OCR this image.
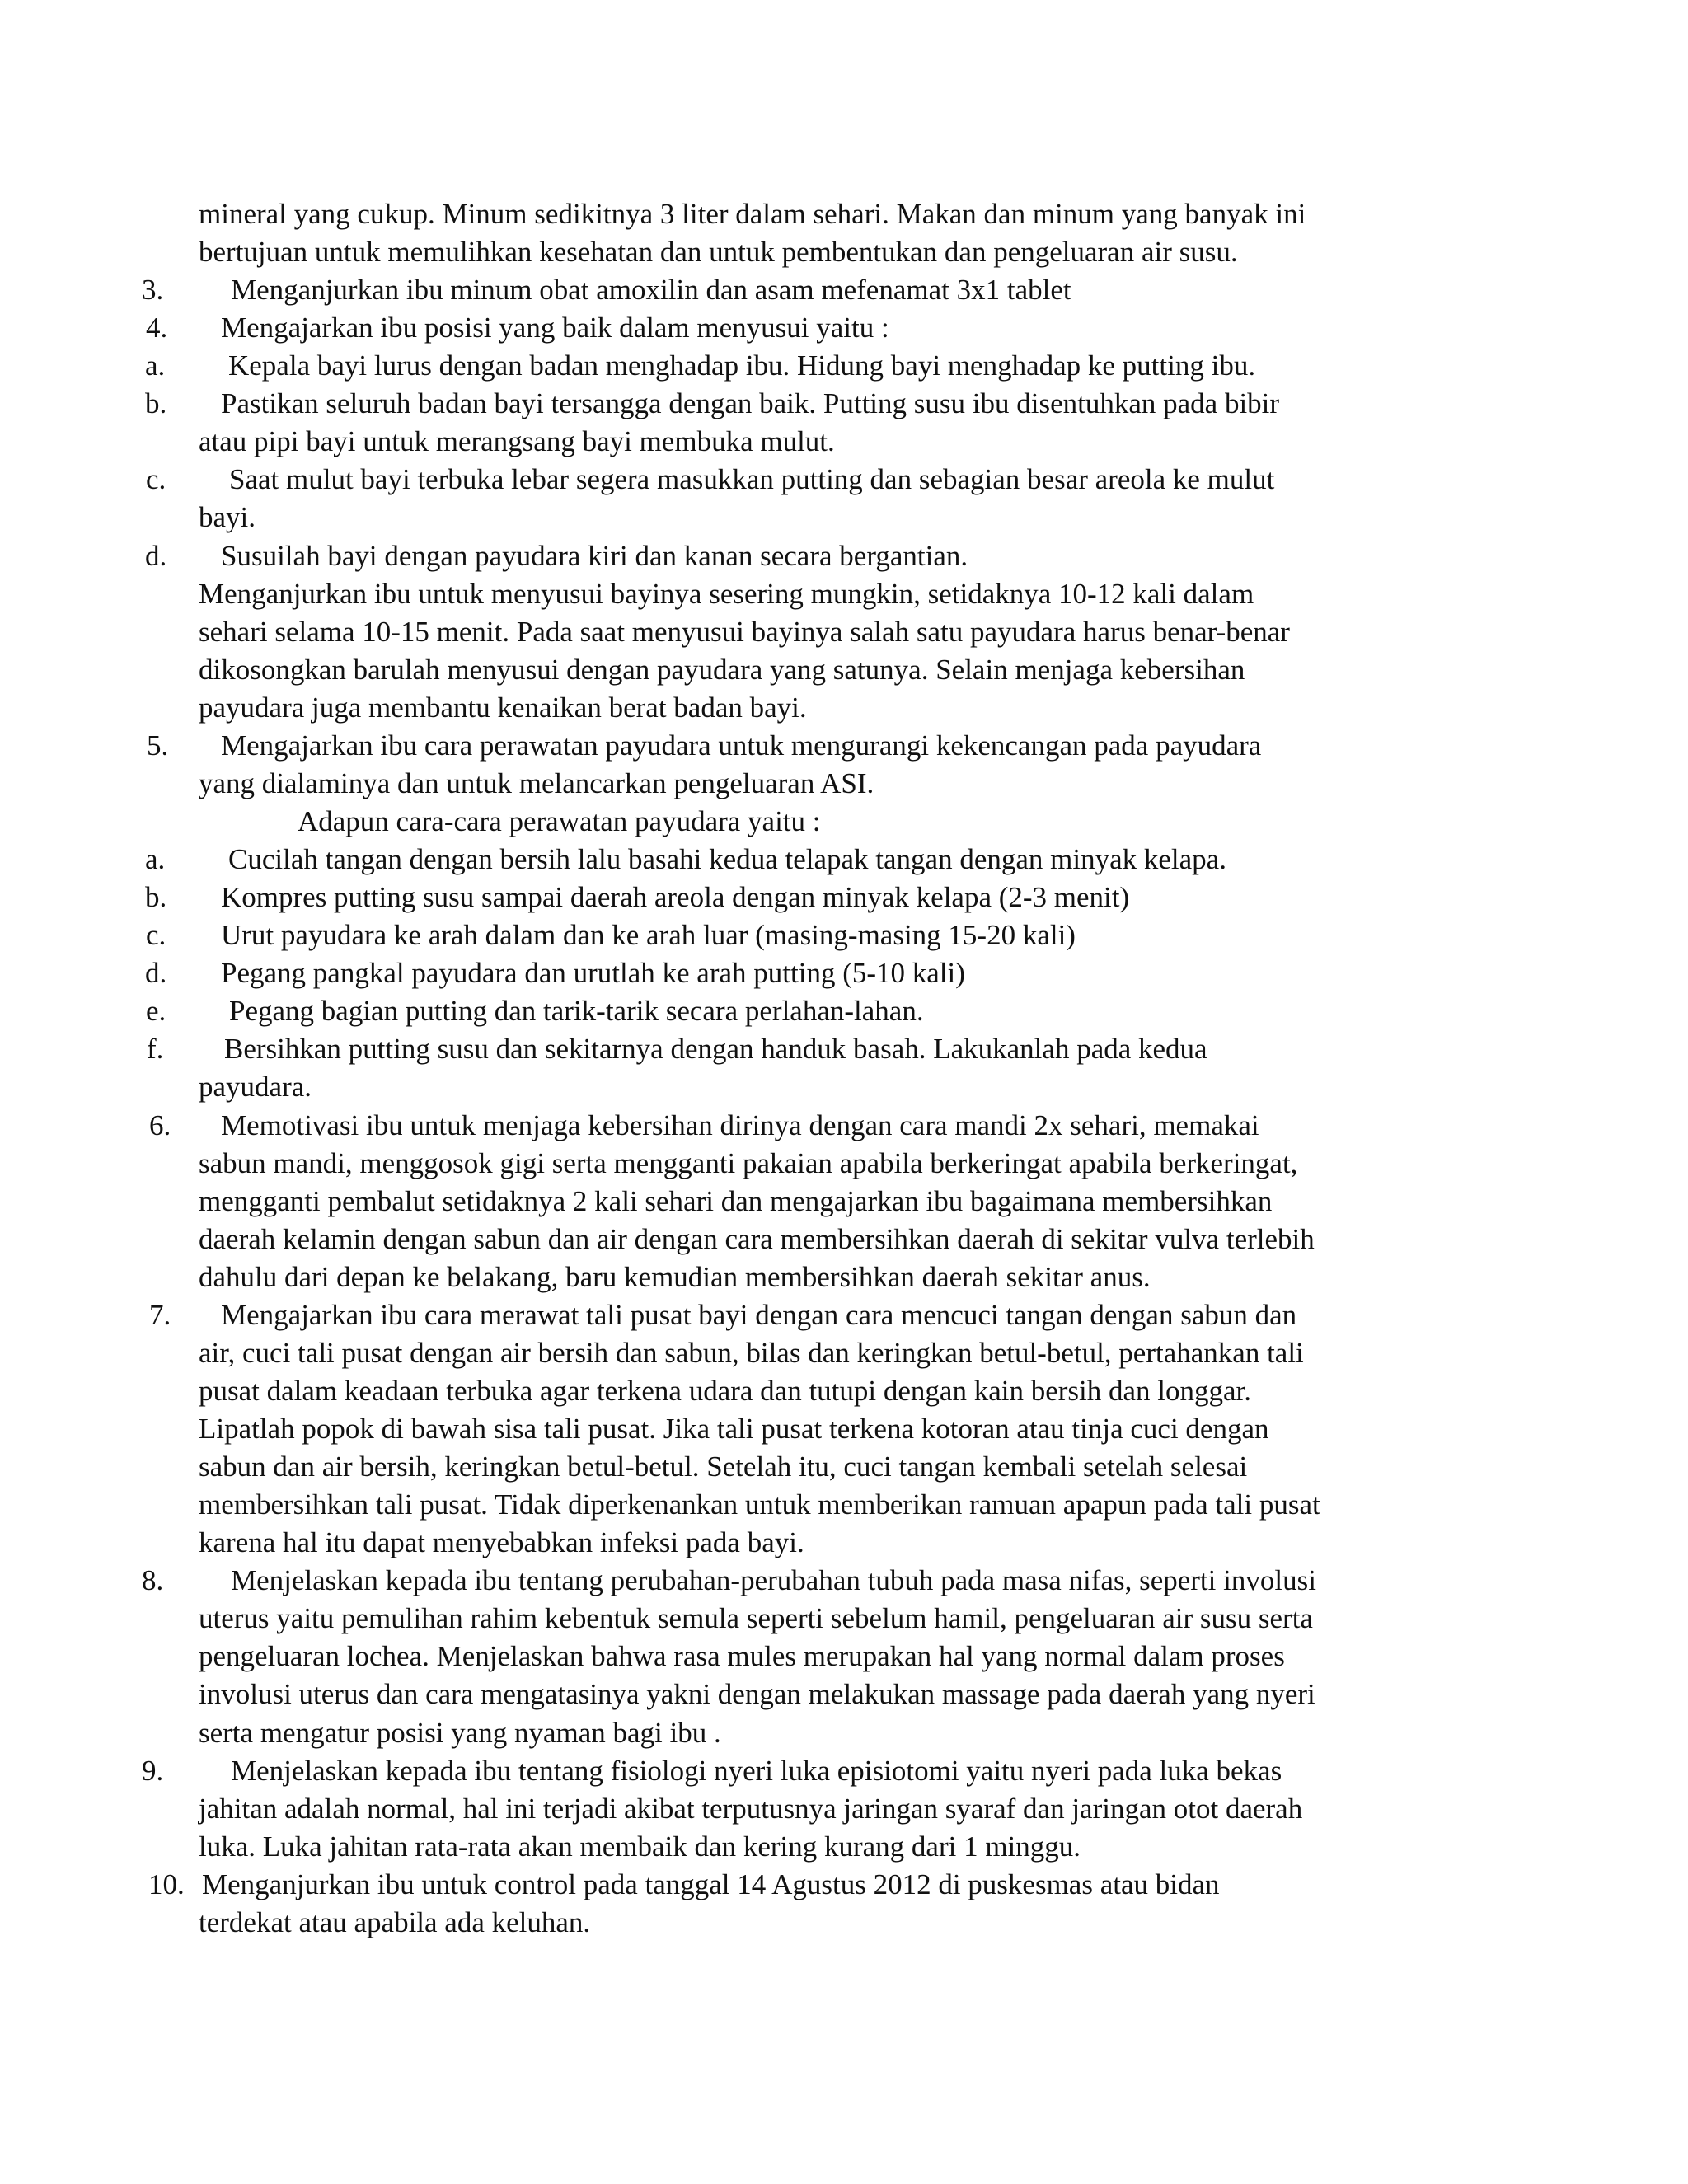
mineral yang cukup. Minum sedikitnya 3 liter dalam sehari. Makan dan minum yang banyak ini
bertujuan untuk memulihkan kesehatan dan untuk pembentukan dan pengeluaran air susu.
3. Menganjurkan ibu minum obat amoxilin dan asam mefenamat 3x1 tablet
4. Mengajarkan ibu posisi yang baik dalam menyusui yaitu :
a. Kepala bayi lurus dengan badan menghadap ibu. Hidung bayi menghadap ke putting ibu.
b. Pastikan seluruh badan bayi tersangga dengan baik. Putting susu ibu disentuhkan pada bibir
atau pipi bayi untuk merangsang bayi membuka mulut.
c. Saat mulut bayi terbuka lebar segera masukkan putting dan sebagian besar areola ke mulut
bayi.
d. Susuilah bayi dengan payudara kiri dan kanan secara bergantian.
Menganjurkan ibu untuk menyusui bayinya sesering mungkin, setidaknya 10-12 kali dalam
sehari selama 10-15 menit. Pada saat menyusui bayinya salah satu payudara harus benar-benar
dikosongkan barulah menyusui dengan payudara yang satunya. Selain menjaga kebersihan
payudara juga membantu kenaikan berat badan bayi.
5. Mengajarkan ibu cara perawatan payudara untuk mengurangi kekencangan pada payudara
yang dialaminya dan untuk melancarkan pengeluaran ASI.
Adapun cara-cara perawatan payudara yaitu :
a. Cucilah tangan dengan bersih lalu basahi kedua telapak tangan dengan minyak kelapa.
b. Kompres putting susu sampai daerah areola dengan minyak kelapa (2-3 menit)
c. Urut payudara ke arah dalam dan ke arah luar (masing-masing 15-20 kali)
d. Pegang pangkal payudara dan urutlah ke arah putting (5-10 kali)
e. Pegang bagian putting dan tarik-tarik secara perlahan-lahan.
f. Bersihkan putting susu dan sekitarnya dengan handuk basah. Lakukanlah pada kedua
payudara.
6. Memotivasi ibu untuk menjaga kebersihan dirinya dengan cara mandi 2x sehari, memakai
sabun mandi, menggosok gigi serta mengganti pakaian apabila berkeringat apabila berkeringat,
mengganti pembalut setidaknya 2 kali sehari dan mengajarkan ibu bagaimana membersihkan
daerah kelamin dengan sabun dan air dengan cara membersihkan daerah di sekitar vulva terlebih
dahulu dari depan ke belakang, baru kemudian membersihkan daerah sekitar anus.
7. Mengajarkan ibu cara merawat tali pusat bayi dengan cara mencuci tangan dengan sabun dan
air, cuci tali pusat dengan air bersih dan sabun, bilas dan keringkan betul-betul, pertahankan tali
pusat dalam keadaan terbuka agar terkena udara dan tutupi dengan kain bersih dan longgar.
Lipatlah popok di bawah sisa tali pusat. Jika tali pusat terkena kotoran atau tinja cuci dengan
sabun dan air bersih, keringkan betul-betul. Setelah itu, cuci tangan kembali setelah selesai
membersihkan tali pusat. Tidak diperkenankan untuk memberikan ramuan apapun pada tali pusat
karena hal itu dapat menyebabkan infeksi pada bayi.
8. Menjelaskan kepada ibu tentang perubahan-perubahan tubuh pada masa nifas, seperti involusi
uterus yaitu pemulihan rahim kebentuk semula seperti sebelum hamil, pengeluaran air susu serta
pengeluaran lochea. Menjelaskan bahwa rasa mules merupakan hal yang normal dalam proses
involusi uterus dan cara mengatasinya yakni dengan melakukan massage pada daerah yang nyeri
serta mengatur posisi yang nyaman bagi ibu .
9. Menjelaskan kepada ibu tentang fisiologi nyeri luka episiotomi yaitu nyeri pada luka bekas
jahitan adalah normal, hal ini terjadi akibat terputusnya jaringan syaraf dan jaringan otot daerah
luka. Luka jahitan rata-rata akan membaik dan kering kurang dari 1 minggu.
10. Menganjurkan ibu untuk control pada tanggal 14 Agustus 2012 di puskesmas atau bidan
terdekat atau apabila ada keluhan.
